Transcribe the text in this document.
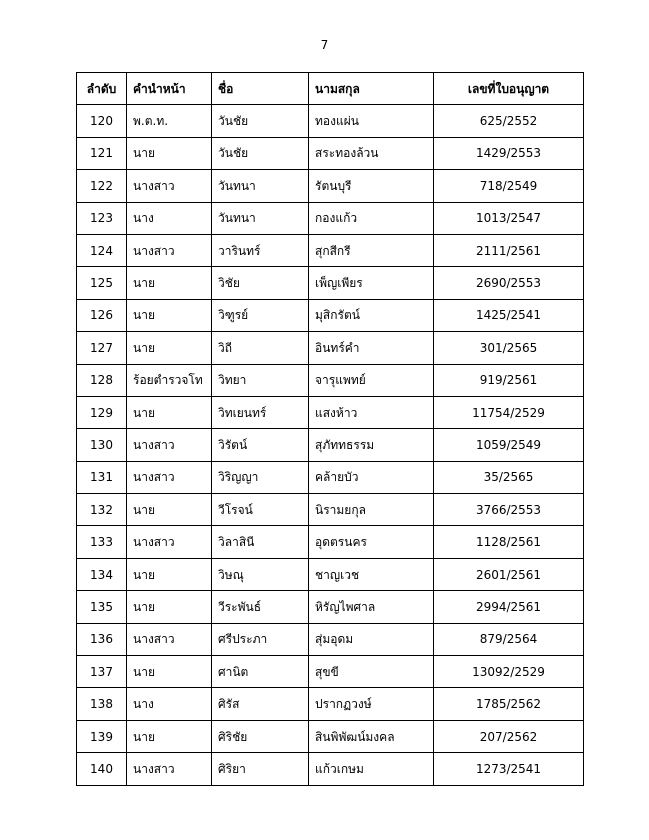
7
ลำดับ	คำนำหน้า	ชื่อ	นามสกุล	เลขที่ใบอนุญาต
120	พ.ต.ท.	วันชัย	ทองแผ่น	625/2552
121	นาย	วันชัย	สระทองล้วน	1429/2553
122	นางสาว	วันทนา	รัตนบุรี	718/2549
123	นาง	วันทนา	กองแก้ว	1013/2547
124	นางสาว	วารินทร์	สุกสีกรี	2111/2561
125	นาย	วิชัย	เพ็ญเพียร	2690/2553
126	นาย	วิฑูรย์	มุสิกรัตน์	1425/2541
127	นาย	วิถี	อินทร์คำ	301/2565
128	ร้อยตำรวจโท	วิทยา	จารุแพทย์	919/2561
129	นาย	วิทเยนทร์	แสงห้าว	11754/2529
130	นางสาว	วิรัตน์	สุภัททธรรม	1059/2549
131	นางสาว	วิริญญา	คล้ายบัว	35/2565
132	นาย	วีโรจน์	นิรามยกุล	3766/2553
133	นางสาว	วิลาสินี	อุดตรนคร	1128/2561
134	นาย	วิษณุ	ชาญเวช	2601/2561
135	นาย	วีระพันธ์	หิรัญไพศาล	2994/2561
136	นางสาว	ศรีประภา	สุ่มอุดม	879/2564
137	นาย	ศานิต	สุขขี	13092/2529
138	นาง	ศิรัส	ปรากฏวงษ์	1785/2562
139	นาย	ศิริชัย	สินพิพัฒน์มงคล	207/2562
140	นางสาว	ศิริยา	แก้วเกษม	1273/2541
